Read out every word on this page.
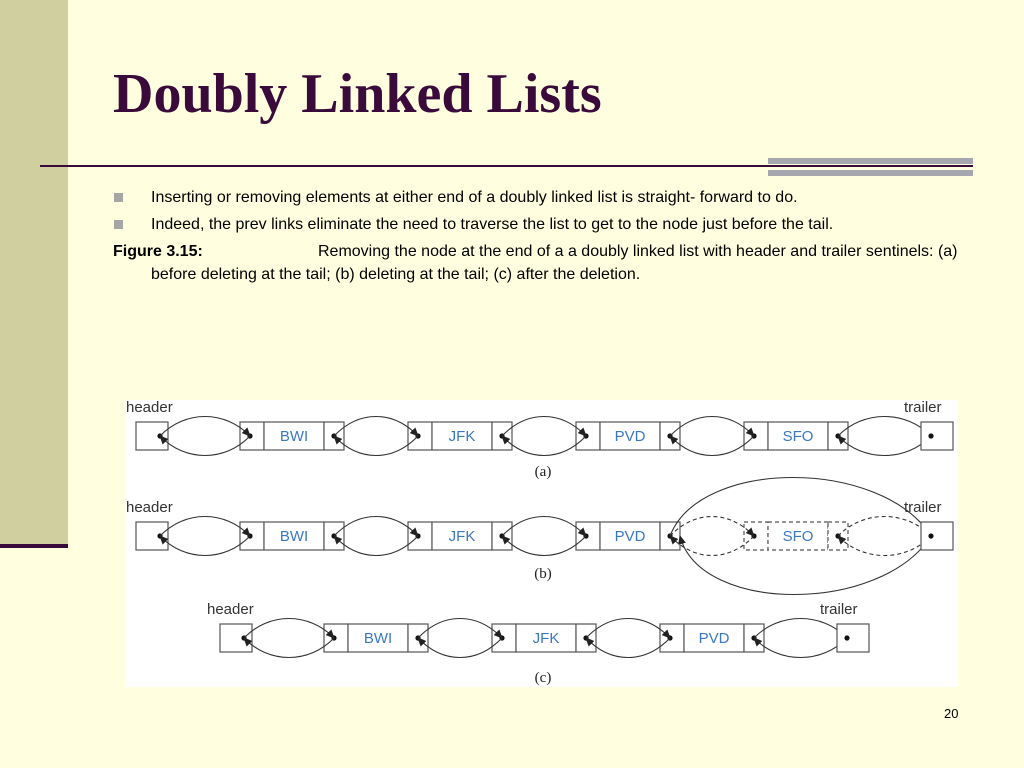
Doubly Linked Lists
Inserting or removing elements at either end of a doubly linked list is straight- forward to do.
Indeed, the prev links eliminate the need to traverse the list to get to the node just before the tail.
Figure 3.15:	Removing the node at the end of a a doubly linked list with header and trailer sentinels: (a) before deleting at the tail; (b) deleting at the tail; (c) after the deletion.
header	trailer
BWI	JFK	PVD	SFO
(a)
header	trailer
BWI	JFK	PVD	SFO
(b)
header	trailer
BWI	JFK	PVD
(c)
20
